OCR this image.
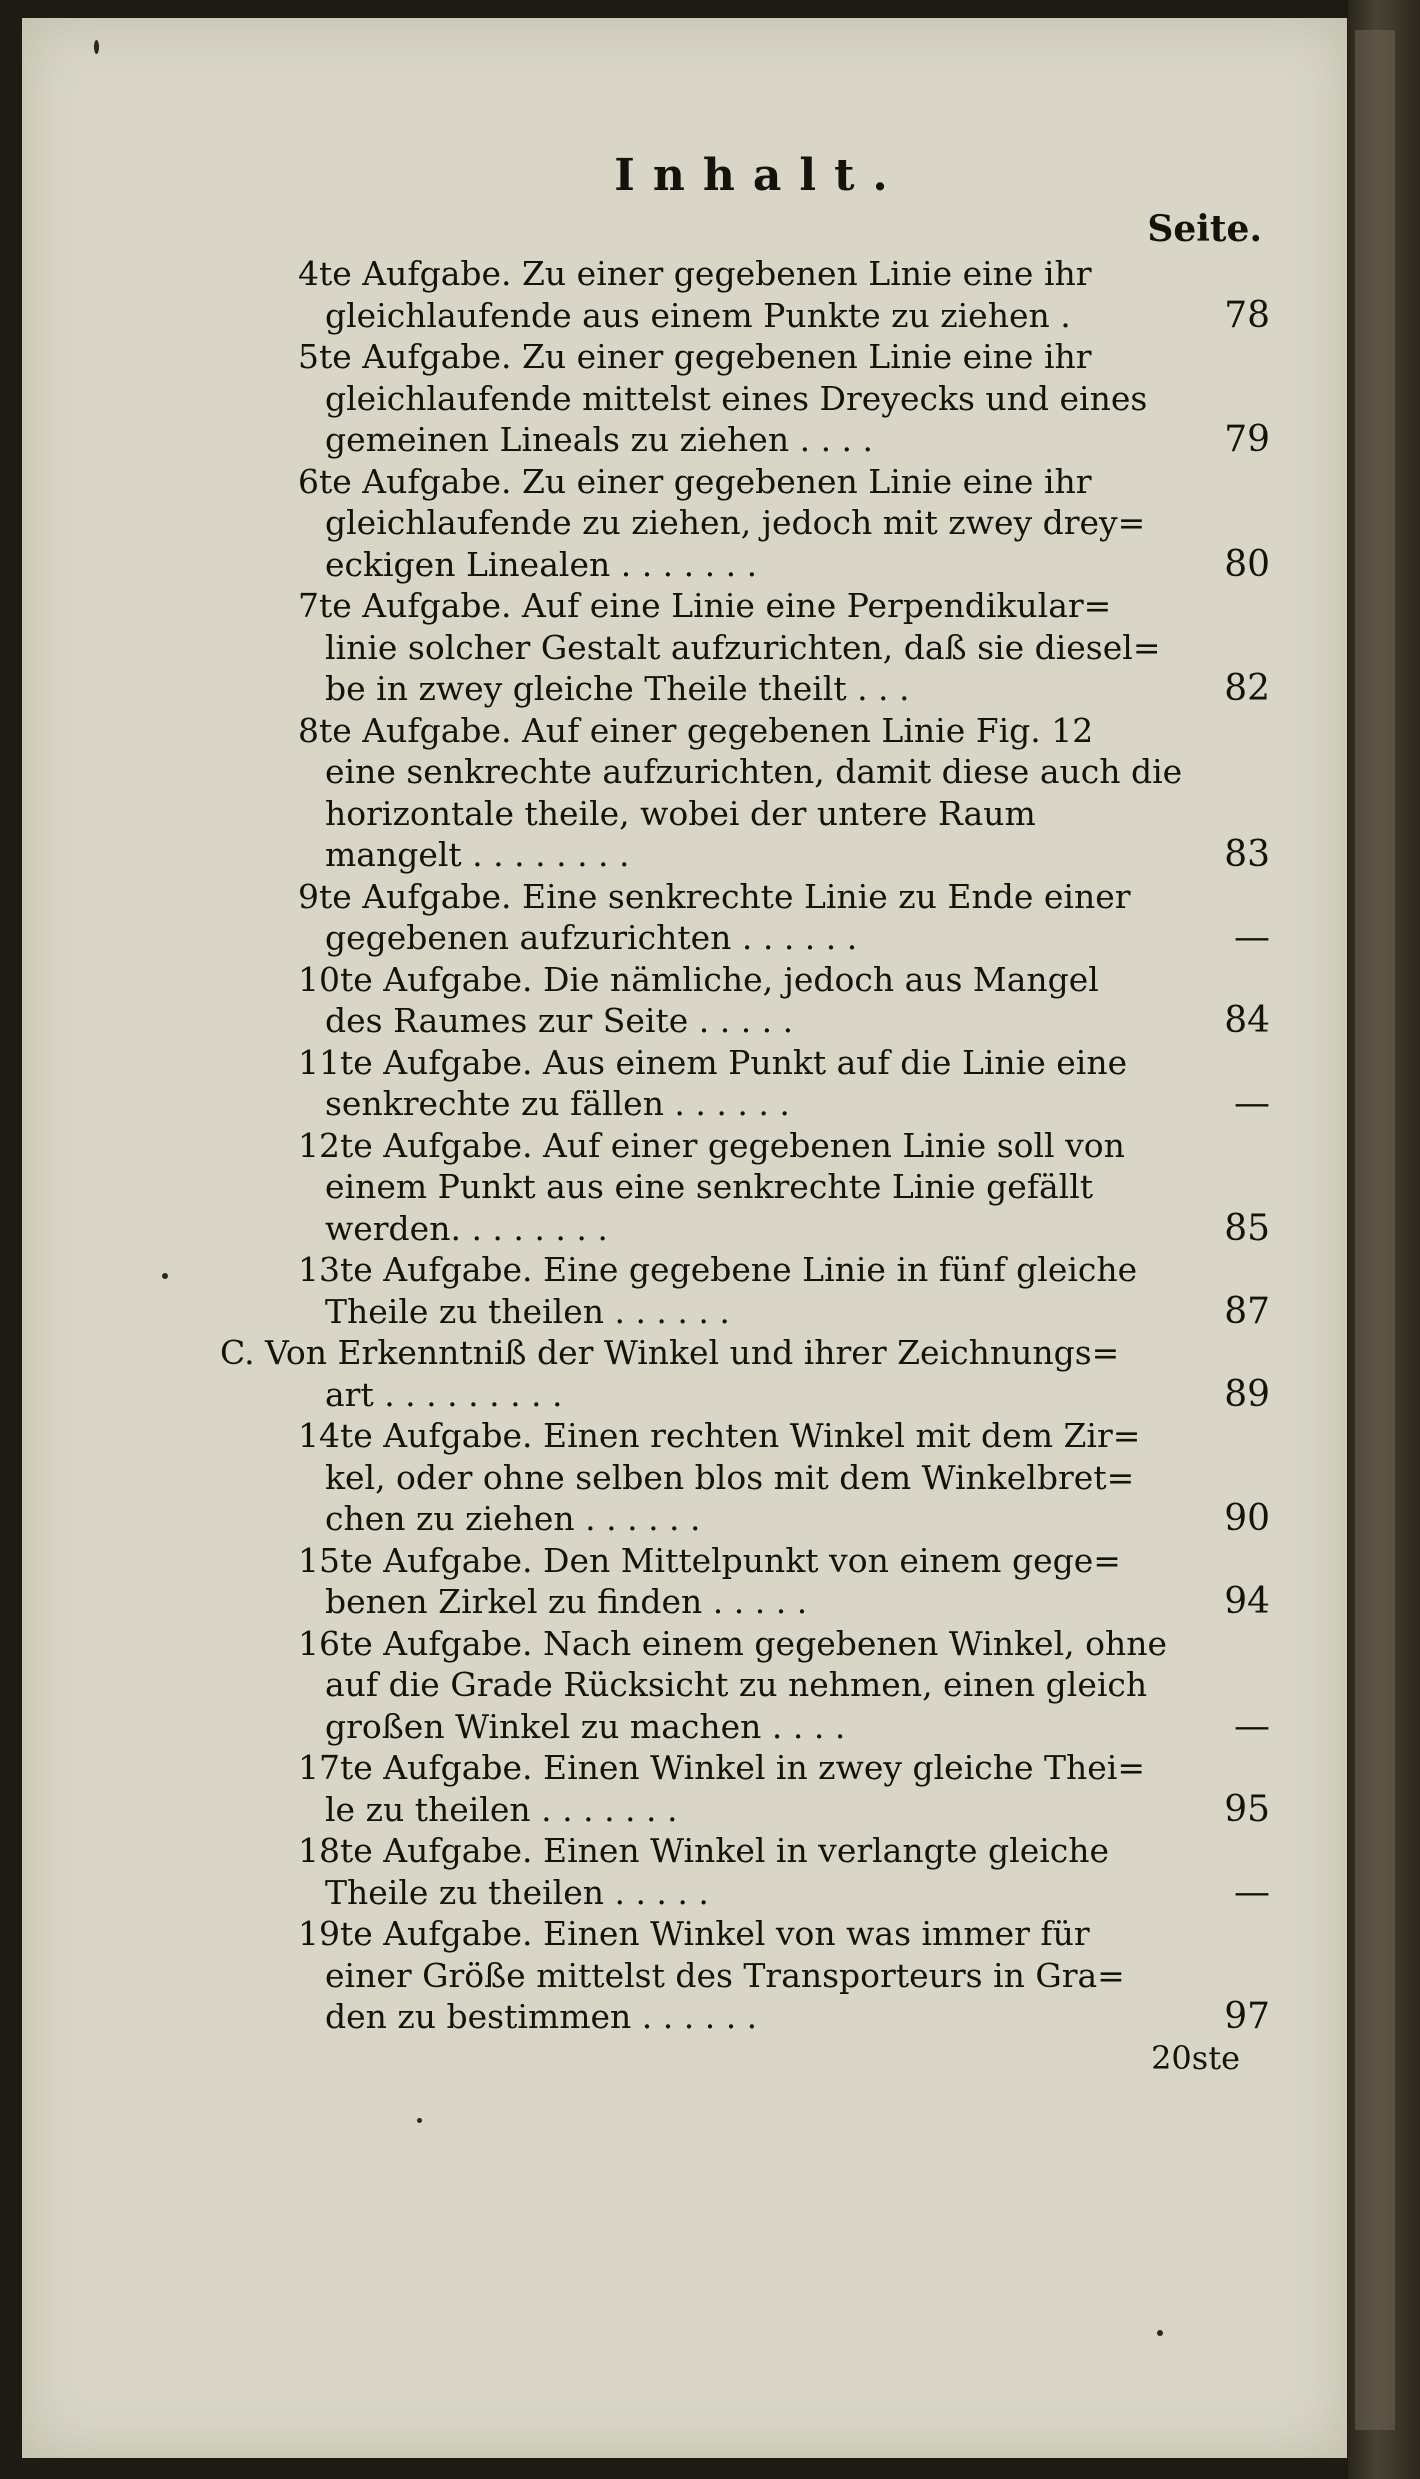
Inhalt.
Seite.
4te Aufgabe. Zu einer gegebenen Linie eine ihr
gleichlaufende aus einem Punkte zu ziehen .	78
5te Aufgabe. Zu einer gegebenen Linie eine ihr
gleichlaufende mittelst eines Dreyecks und eines
gemeinen Lineals zu ziehen . . . .	79
6te Aufgabe. Zu einer gegebenen Linie eine ihr
gleichlaufende zu ziehen, jedoch mit zwey drey=
eckigen Linealen . . . . . . .	80
7te Aufgabe. Auf eine Linie eine Perpendikular=
linie solcher Gestalt aufzurichten, daß sie diesel=
be in zwey gleiche Theile theilt . . .	82
8te Aufgabe. Auf einer gegebenen Linie Fig. 12
eine senkrechte aufzurichten, damit diese auch die
horizontale theile, wobei der untere Raum
mangelt . . . . . . . .	83
9te Aufgabe. Eine senkrechte Linie zu Ende einer
gegebenen aufzurichten . . . . . .	—
10te Aufgabe. Die nämliche, jedoch aus Mangel
des Raumes zur Seite . . . . .	84
11te Aufgabe. Aus einem Punkt auf die Linie eine
senkrechte zu fällen . . . . . .	—
12te Aufgabe. Auf einer gegebenen Linie soll von
einem Punkt aus eine senkrechte Linie gefällt
werden. . . . . . . .	85
13te Aufgabe. Eine gegebene Linie in fünf gleiche
Theile zu theilen . . . . . .	87
C. Von Erkenntniß der Winkel und ihrer Zeichnungs=
art . . . . . . . . .	89
14te Aufgabe. Einen rechten Winkel mit dem Zir=
kel, oder ohne selben blos mit dem Winkelbret=
chen zu ziehen . . . . . .	90
15te Aufgabe. Den Mittelpunkt von einem gege=
benen Zirkel zu finden . . . . .	94
16te Aufgabe. Nach einem gegebenen Winkel, ohne
auf die Grade Rücksicht zu nehmen, einen gleich
großen Winkel zu machen . . . .	—
17te Aufgabe. Einen Winkel in zwey gleiche Thei=
le zu theilen . . . . . . .	95
18te Aufgabe. Einen Winkel in verlangte gleiche
Theile zu theilen . . . . .	—
19te Aufgabe. Einen Winkel von was immer für
einer Größe mittelst des Transporteurs in Gra=
den zu bestimmen . . . . . .	97
20ste
